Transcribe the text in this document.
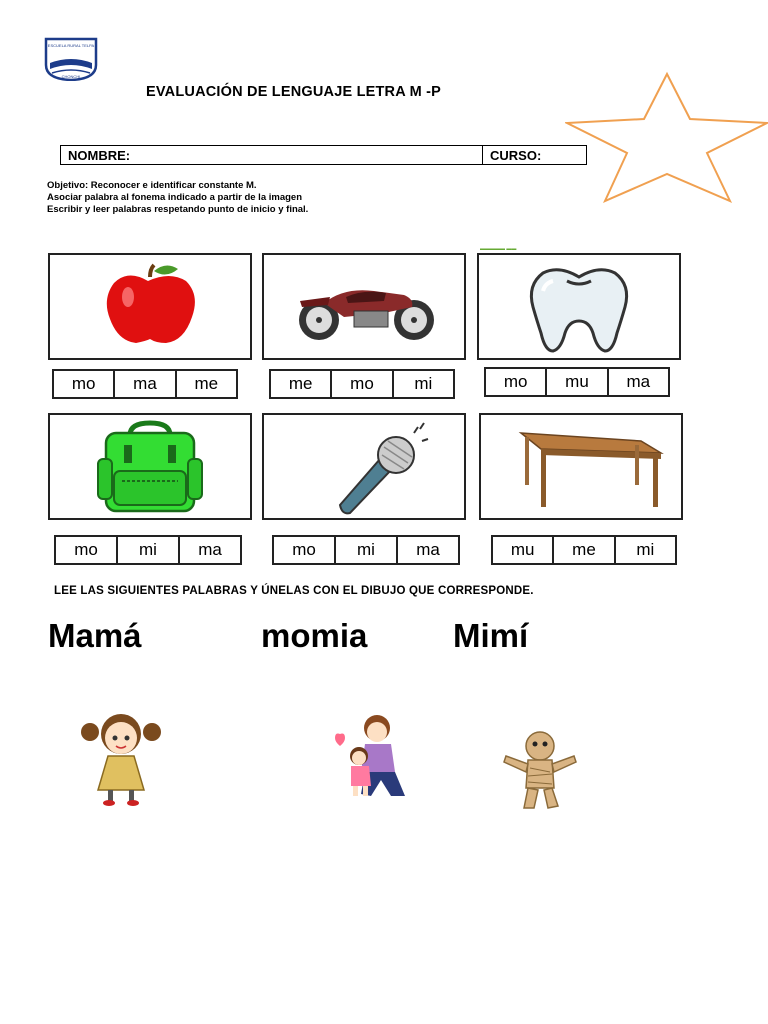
ESCUELA RURAL TELPA
CHONCHI
EVALUACIÓN DE LENGUAJE LETRA M -P
NOMBRE:	CURSO:
Objetivo: Reconocer e identificar constante M.
Asociar palabra al fonema indicado a partir de la imagen
Escribir y leer palabras respetando punto de inicio y final.
▬▬▬▬▬ ▬▬
mo	ma	me	me	mo	mi	mo	mu	ma
mo	mi	ma	mo	mi	ma	mu	me	mi
LEE LAS SIGUIENTES PALABRAS Y ÚNELAS CON EL DIBUJO QUE CORRESPONDE.
Mamá	momia	Mimí
